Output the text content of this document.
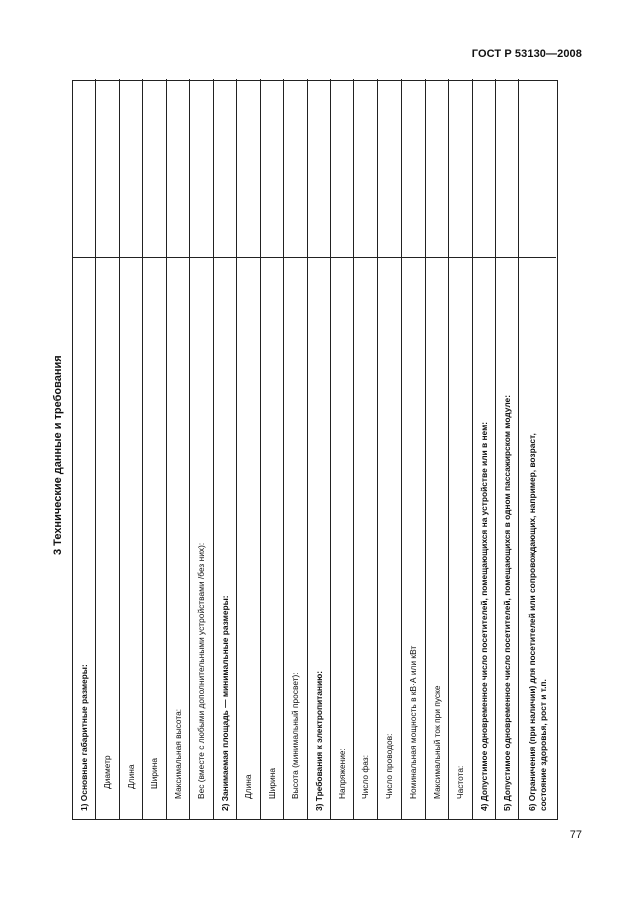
ГОСТ Р 53130—2008
3 Технические данные и требования
1) Основные габаритные размеры: Диаметр Длина Ширина Максимальная высота: Вес (вместе с любыми дополнительными устройствами /без них): 2) Занимаемая площадь — минимальные размеры: Длина Ширина Высота (минимальный просвет): 3) Требования к электропитанию: Напряжение: Число фаз: Число проводов: Номинальная мощность в кВ·А или кВт Максимальный ток при пуске Частота: 4) Допустимое одновременное число посетителей, помещающихся на устройстве или в нем: 5) Допустимое одновременное число посетителей, помещающихся в одном пассажирском модуле: 6) Ограничения (при наличии) для посетителей или сопровождающих, например, возраст, состояние здоровья, рост и т.п.
77
